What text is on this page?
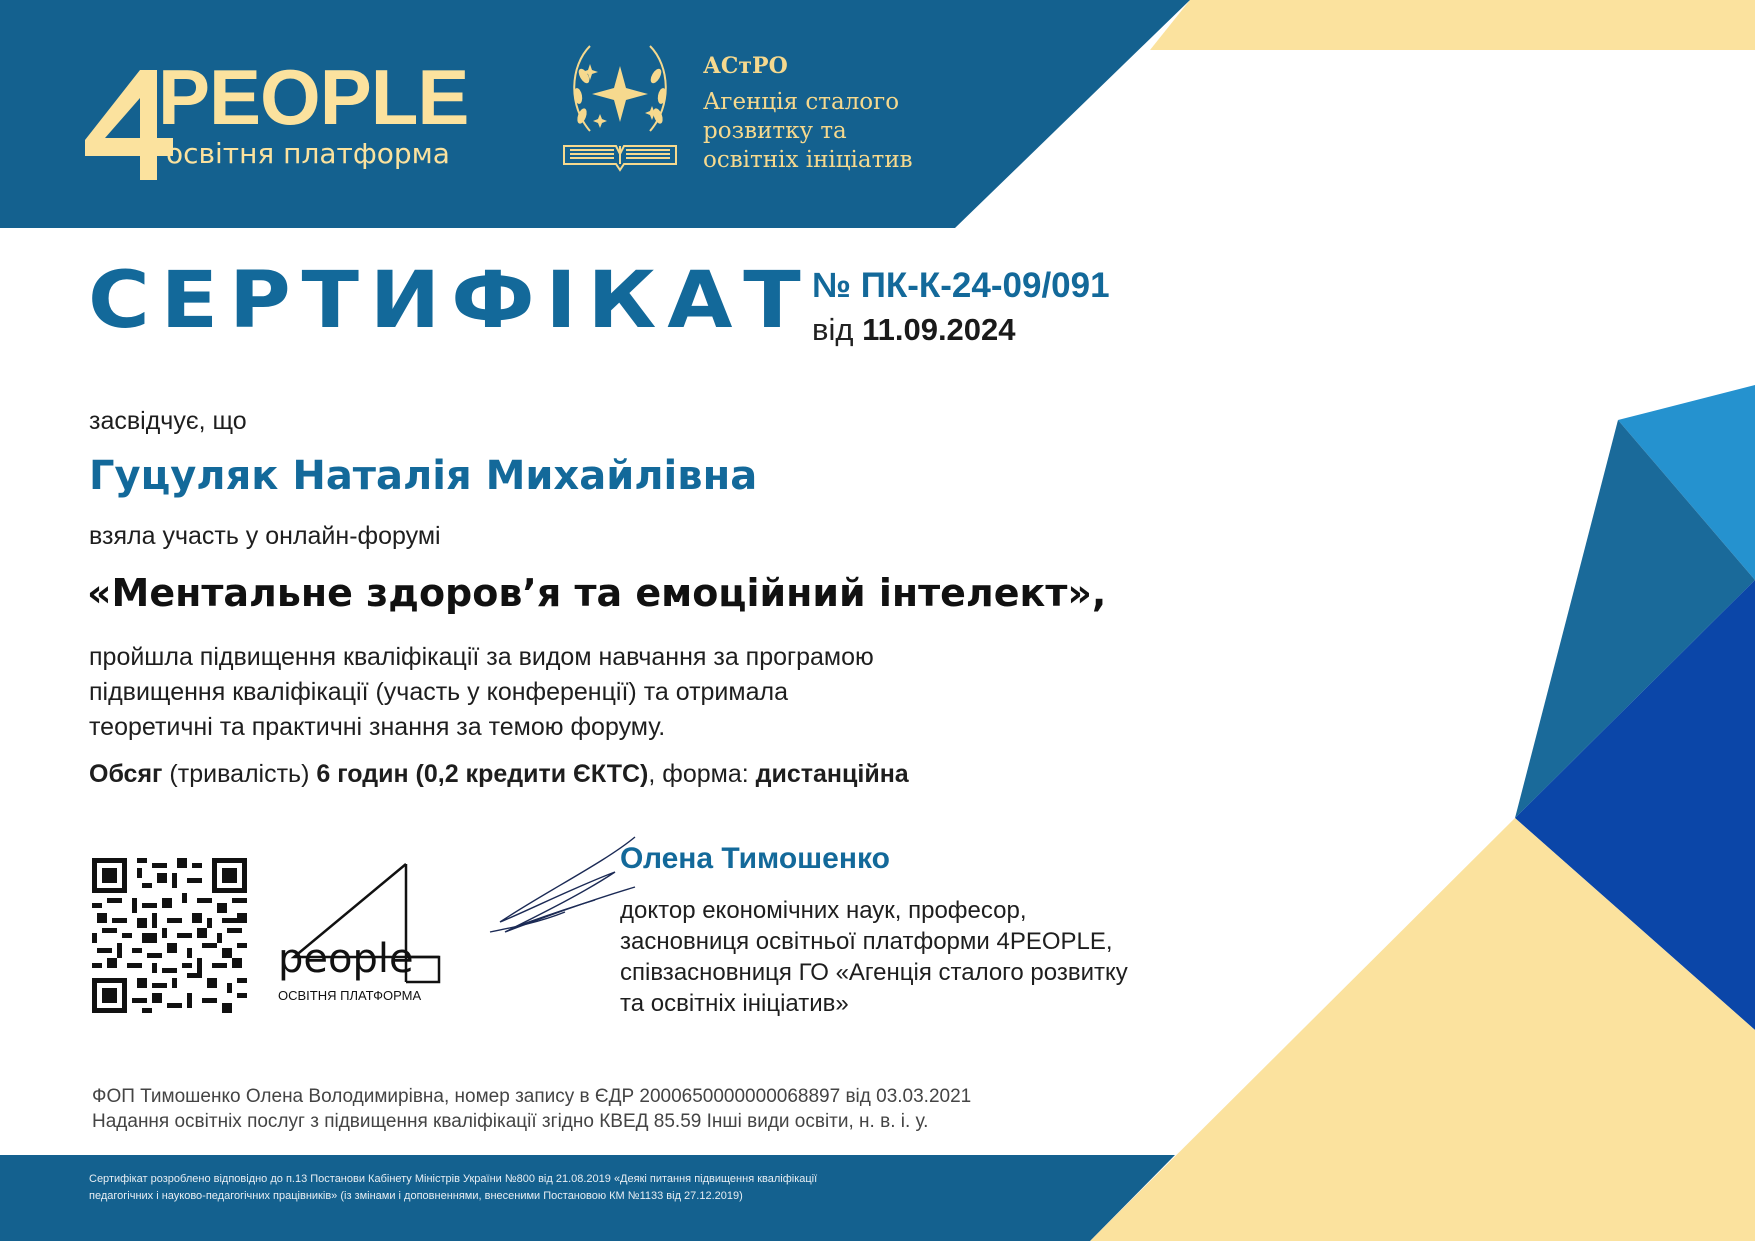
PEOPLE
освітня платформа
АСтРО
Агенція сталого
розвитку та
освітніх ініціатив
СЕРТИФІКАТ № ПК-К-24-09/091
від 11.09.2024
засвідчує, що
Гуцуляк Наталія Михайлівна
взяла участь у онлайн-форумі
«Ментальне здоров’я та емоційний інтелект»,
пройшла підвищення кваліфікації за видом навчання за програмою
підвищення кваліфікації (участь у конференції) та отримала
теоретичні та практичні знання за темою форуму.
Обсяг (тривалість) 6 годин (0,2 кредити ЄКТС), форма: дистанційна
people
ОСВІТНЯ ПЛАТФОРМА
Олена Тимошенко
доктор економічних наук, професор,
засновниця освітньої платформи 4PEOPLE,
співзасновниця ГО «Агенція сталого розвитку
та освітніх ініціатив»
ФОП Тимошенко Олена Володимирівна, номер запису в ЄДР 2000650000000068897 від 03.03.2021
Надання освітніх послуг з підвищення кваліфікації згідно КВЕД 85.59 Інші види освіти, н. в. і. у.
Сертифікат розроблено відповідно до п.13 Постанови Кабінету Міністрів України №800 від 21.08.2019 «Деякі питання підвищення кваліфікації
педагогічних і науково-педагогічних працівників» (із змінами і доповненнями, внесеними Постановою КМ №1133 від 27.12.2019)
